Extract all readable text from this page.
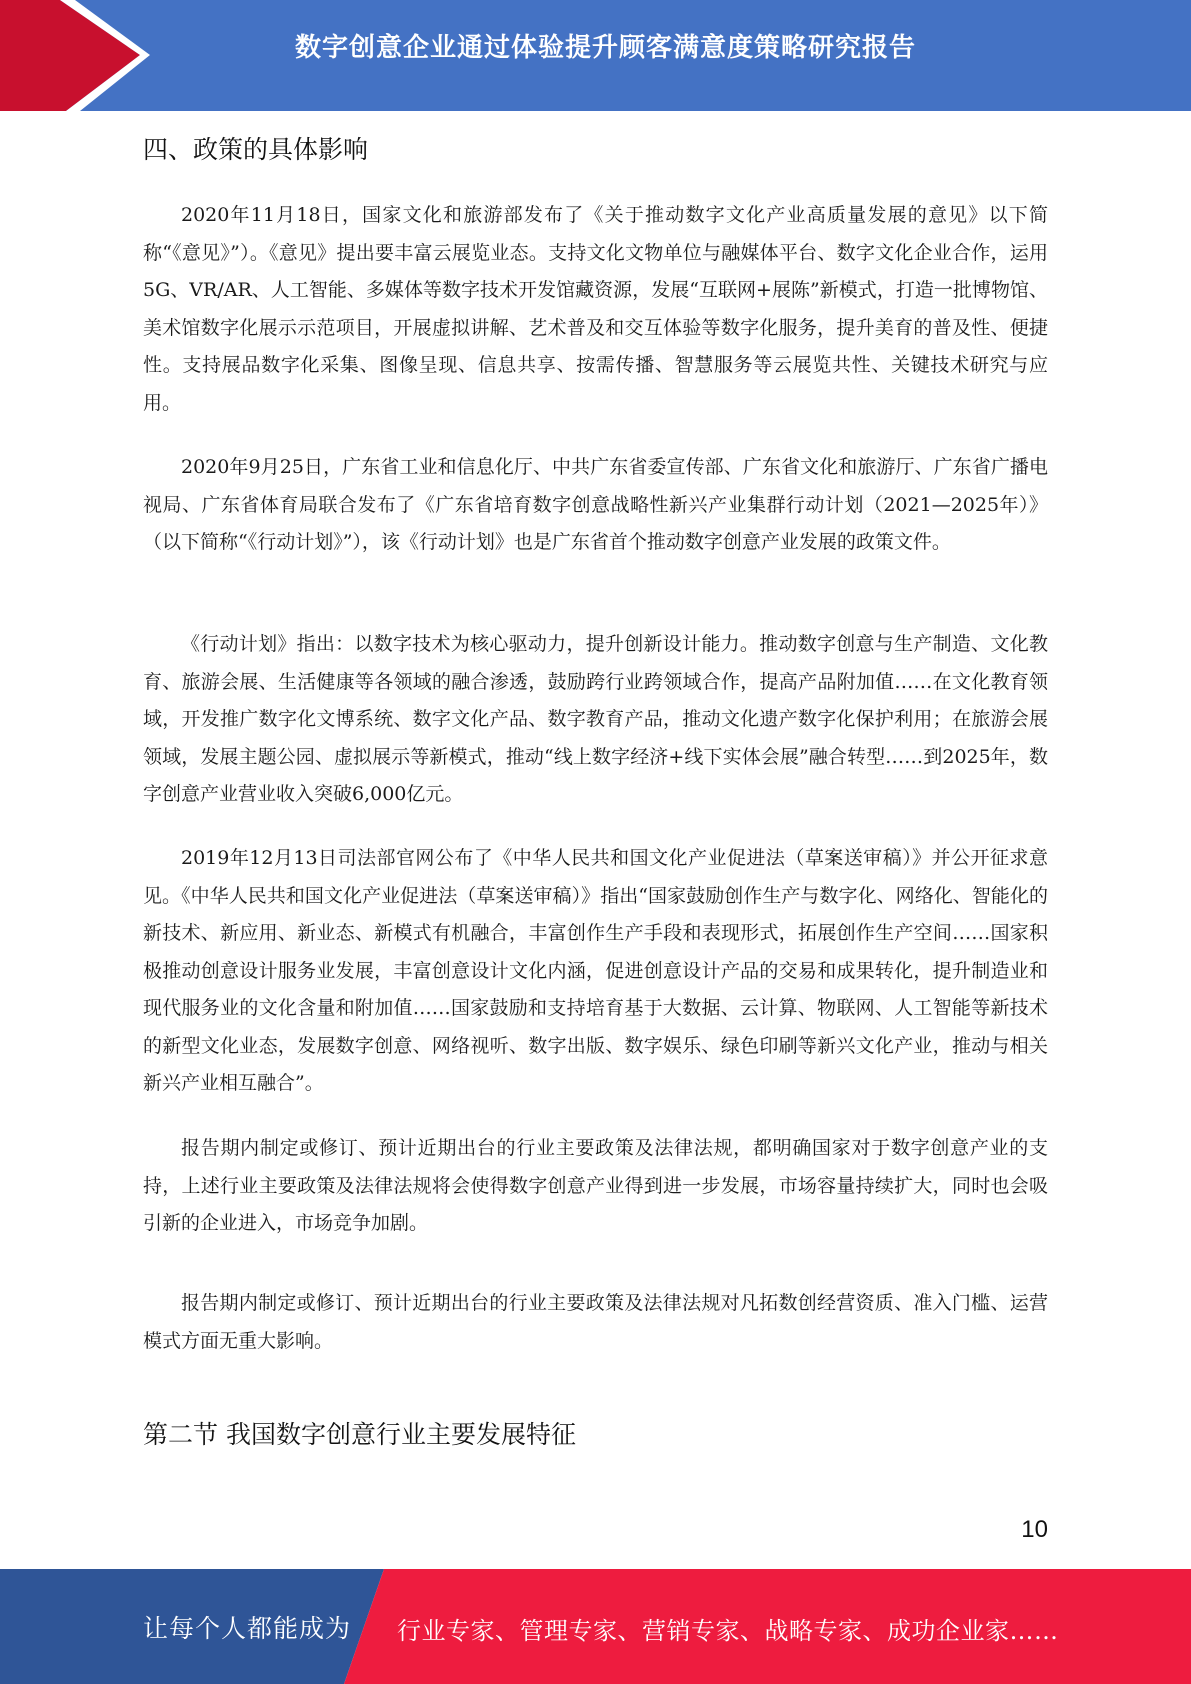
数字创意企业通过体验提升顾客满意度策略研究报告
四、政策的具体影响

2020年11月18日，国家文化和旅游部发布了《关于推动数字文化产业高质量发展的意见》以下简称“《意见》”）。《意见》提出要丰富云展览业态。支持文化文物单位与融媒体平台、数字文化企业合作，运用5G、VR/AR、人工智能、多媒体等数字技术开发馆藏资源，发展“互联网+展陈”新模式，打造一批博物馆、美术馆数字化展示示范项目，开展虚拟讲解、艺术普及和交互体验等数字化服务，提升美育的普及性、便捷性。支持展品数字化采集、图像呈现、信息共享、按需传播、智慧服务等云展览共性、关键技术研究与应用。

2020年9月25日，广东省工业和信息化厅、中共广东省委宣传部、广东省文化和旅游厅、广东省广播电视局、广东省体育局联合发布了《广东省培育数字创意战略性新兴产业集群行动计划（2021—2025年）》（以下简称“《行动计划》”），该《行动计划》也是广东省首个推动数字创意产业发展的政策文件。

《行动计划》指出：以数字技术为核心驱动力，提升创新设计能力。推动数字创意与生产制造、文化教育、旅游会展、生活健康等各领域的融合渗透，鼓励跨行业跨领域合作，提高产品附加值……在文化教育领域，开发推广数字化文博系统、数字文化产品、数字教育产品，推动文化遗产数字化保护利用；在旅游会展领域，发展主题公园、虚拟展示等新模式，推动“线上数字经济+线下实体会展”融合转型……到2025年，数字创意产业营业收入突破6,000亿元。

2019年12月13日司法部官网公布了《中华人民共和国文化产业促进法（草案送审稿）》并公开征求意见。《中华人民共和国文化产业促进法（草案送审稿）》指出“国家鼓励创作生产与数字化、网络化、智能化的新技术、新应用、新业态、新模式有机融合，丰富创作生产手段和表现形式，拓展创作生产空间……国家积极推动创意设计服务业发展，丰富创意设计文化内涵，促进创意设计产品的交易和成果转化，提升制造业和现代服务业的文化含量和附加值……国家鼓励和支持培育基于大数据、云计算、物联网、人工智能等新技术的新型文化业态，发展数字创意、网络视听、数字出版、数字娱乐、绿色印刷等新兴文化产业，推动与相关新兴产业相互融合”。

报告期内制定或修订、预计近期出台的行业主要政策及法律法规，都明确国家对于数字创意产业的支持，上述行业主要政策及法律法规将会使得数字创意产业得到进一步发展，市场容量持续扩大，同时也会吸引新的企业进入，市场竞争加剧。

报告期内制定或修订、预计近期出台的行业主要政策及法律法规对凡拓数创经营资质、准入门槛、运营模式方面无重大影响。

第二节 我国数字创意行业主要发展特征
10
让每个人都能成为 行业专家、管理专家、营销专家、战略专家、成功企业家……
